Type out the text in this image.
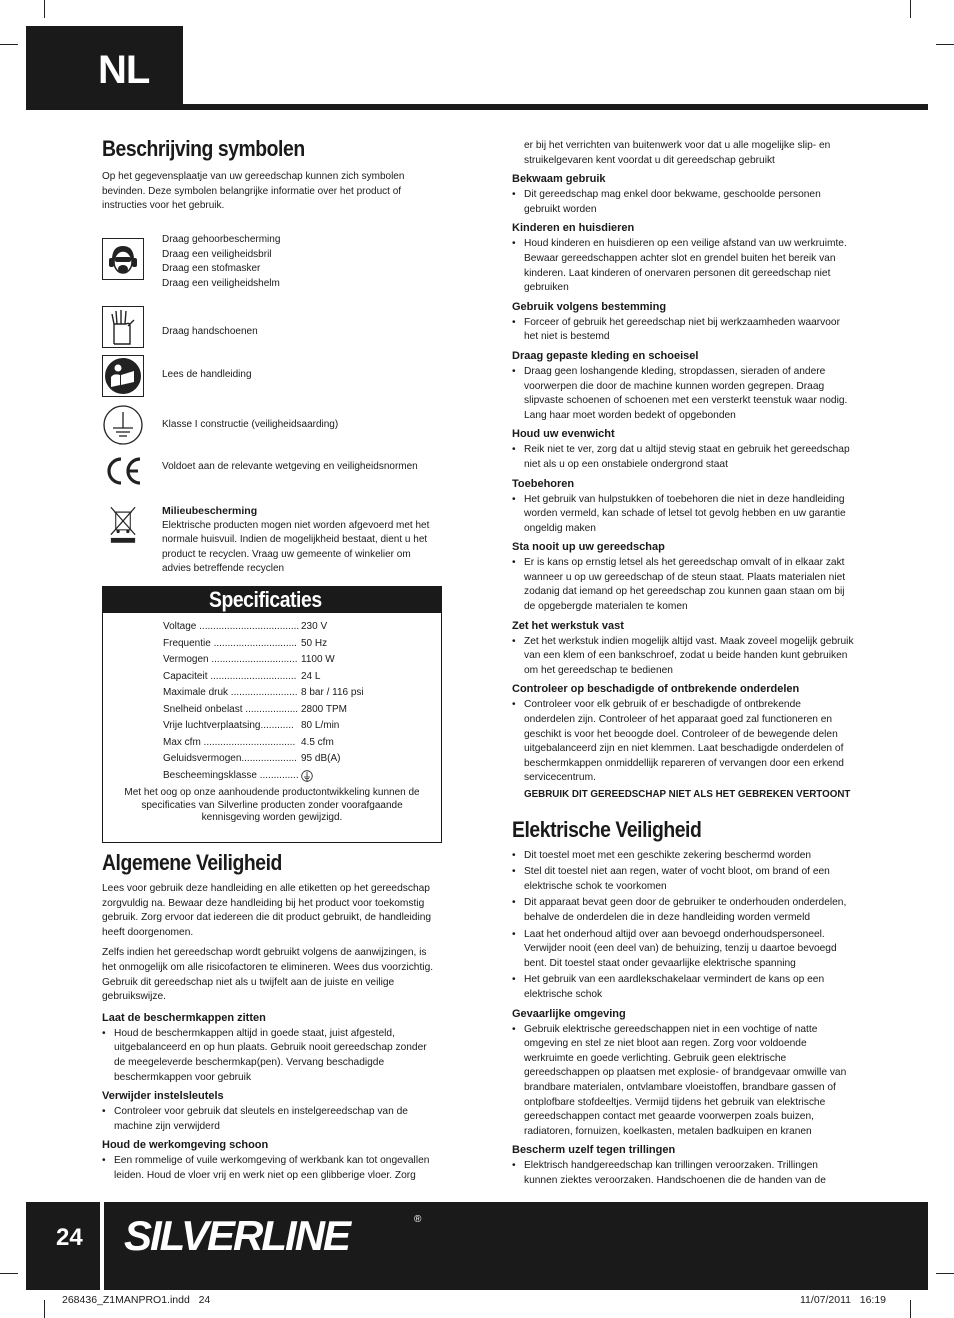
NL
Beschrijving symbolen

Op het gegevensplaatje van uw gereedschap kunnen zich symbolen bevinden. Deze symbolen belangrijke informatie over het product of instructies voor het gebruik.

Draag gehoorbescherming
Draag een veiligheidsbril
Draag een stofmasker
Draag een veiligheidshelm
Draag handschoenen
Lees de handleiding
Klasse I constructie (veiligheidsaarding)
Voldoet aan de relevante wetgeving en veiligheidsnormen
Milieubescherming
Elektrische producten mogen niet worden afgevoerd met het normale huisvuil. Indien de mogelijkheid bestaat, dient u het product te recyclen. Vraag uw gemeente of winkelier om advies betreffende recyclen
Specificaties
Voltage .................................... 230 V
Frequentie .............................. 50 Hz
Vermogen ............................... 1100 W
Capaciteit ............................... 24 L
Maximale druk ........................ 8 bar / 116 psi
Snelheid onbelast ................... 2800 TPM
Vrije luchtverplaatsing............ 80 L/min
Max cfm ................................. 4.5 cfm
Geluidsvermogen.................... 95 dB(A)
Bescheemingsklasse ..............
Met het oog op onze aanhoudende productontwikkeling kunnen de specificaties van Silverline producten zonder voorafgaande kennisgeving worden gewijzigd.
Algemene Veiligheid

Lees voor gebruik deze handleiding en alle etiketten op het gereedschap zorgvuldig na. Bewaar deze handleiding bij het product voor toekomstig gebruik. Zorg ervoor dat iedereen die dit product gebruikt, de handleiding heeft doorgenomen.

Zelfs indien het gereedschap wordt gebruikt volgens de aanwijzingen, is het onmogelijk om alle risicofactoren te elimineren. Wees dus voorzichtig. Gebruik dit gereedschap niet als u twijfelt aan de juiste en veilige gebruikswijze.

Laat de beschermkappen zitten
• Houd de beschermkappen altijd in goede staat, juist afgesteld, uitgebalanceerd en op hun plaats. Gebruik nooit gereedschap zonder de meegeleverde beschermkap(pen). Vervang beschadigde beschermkappen voor gebruik
Verwijder instelsleutels
• Controleer voor gebruik dat sleutels en instelgereedschap van de machine zijn verwijderd
Houd de werkomgeving schoon
• Een rommelige of vuile werkomgeving of werkbank kan tot ongevallen leiden. Houd de vloer vrij en werk niet op een glibberige vloer. Zorg
er bij het verrichten van buitenwerk voor dat u alle mogelijke slip- en struikelgevaren kent voordat u dit gereedschap gebruikt
Bekwaam gebruik
• Dit gereedschap mag enkel door bekwame, geschoolde personen gebruikt worden
Kinderen en huisdieren
• Houd kinderen en huisdieren op een veilige afstand van uw werkruimte. Bewaar gereedschappen achter slot en grendel buiten het bereik van kinderen. Laat kinderen of onervaren personen dit gereedschap niet gebruiken
Gebruik volgens bestemming
• Forceer of gebruik het gereedschap niet bij werkzaamheden waarvoor het niet is bestemd
Draag gepaste kleding en schoeisel
• Draag geen loshangende kleding, stropdassen, sieraden of andere voorwerpen die door de machine kunnen worden gegrepen. Draag slipvaste schoenen of schoenen met een versterkt teenstuk waar nodig. Lang haar moet worden bedekt of opgebonden
Houd uw evenwicht
• Reik niet te ver, zorg dat u altijd stevig staat en gebruik het gereedschap niet als u op een onstabiele ondergrond staat
Toebehoren
• Het gebruik van hulpstukken of toebehoren die niet in deze handleiding worden vermeld, kan schade of letsel tot gevolg hebben en uw garantie ongeldig maken
Sta nooit up uw gereedschap
• Er is kans op ernstig letsel als het gereedschap omvalt of in elkaar zakt wanneer u op uw gereedschap of de steun staat. Plaats materialen niet zodanig dat iemand op het gereedschap zou kunnen gaan staan om bij de opgebergde materialen te komen
Zet het werkstuk vast
• Zet het werkstuk indien mogelijk altijd vast. Maak zoveel mogelijk gebruik van een klem of een bankschroef, zodat u beide handen kunt gebruiken om het gereedschap te bedienen
Controleer op beschadigde of ontbrekende onderdelen
• Controleer voor elk gebruik of er beschadigde of ontbrekende onderdelen zijn. Controleer of het apparaat goed zal functioneren en geschikt is voor het beoogde doel. Controleer of de bewegende delen uitgebalanceerd zijn en niet klemmen. Laat beschadigde onderdelen of beschermkappen onmiddellijk repareren of vervangen door een erkend servicecentrum.
GEBRUIK DIT GEREEDSCHAP NIET ALS HET GEBREKEN VERTOONT
Elektrische Veiligheid
• Dit toestel moet met een geschikte zekering beschermd worden
• Stel dit toestel niet aan regen, water of vocht bloot, om brand of een elektrische schok te voorkomen
• Dit apparaat bevat geen door de gebruiker te onderhouden onderdelen, behalve de onderdelen die in deze handleiding worden vermeld
• Laat het onderhoud altijd over aan bevoegd onderhoudspersoneel. Verwijder nooit (een deel van) de behuizing, tenzij u daartoe bevoegd bent. Dit toestel staat onder gevaarlijke elektrische spanning
• Het gebruik van een aardlekschakelaar vermindert de kans op een elektrische schok
Gevaarlijke omgeving
• Gebruik elektrische gereedschappen niet in een vochtige of natte omgeving en stel ze niet bloot aan regen. Zorg voor voldoende werkruimte en goede verlichting. Gebruik geen elektrische gereedschappen op plaatsen met explosie- of brandgevaar omwille van brandbare materialen, ontvlambare vloeistoffen, brandbare gassen of ontplofbare stofdeeltjes. Vermijd tijdens het gebruik van elektrische gereedschappen contact met geaarde voorwerpen zoals buizen, radiatoren, fornuizen, koelkasten, metalen badkuipen en kranen
Bescherm uzelf tegen trillingen
• Elektrisch handgereedschap kan trillingen veroorzaken. Trillingen kunnen ziektes veroorzaken. Handschoenen die de handen van de
24 SILVERLINE	®
268436_Z1MANPRO1.indd   24	11/07/2011   16:19
